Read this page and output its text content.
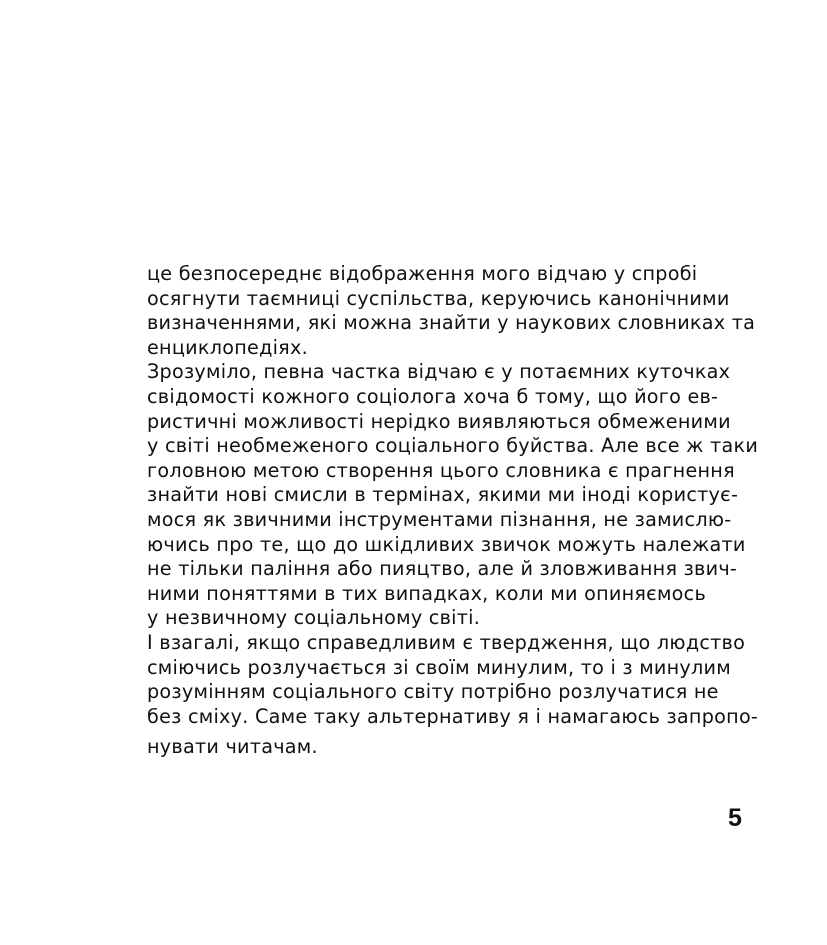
це безпосереднє відображення мого відчаю у спробі
осягнути таємниці суспільства, керуючись канонічними
визначеннями, які можна знайти у наукових словниках та
енциклопедіях.
Зрозуміло, певна частка відчаю є у потаємних куточках
свідомості кожного соціолога хоча б тому, що його ев-
ристичні можливості нерідко виявляються обмеженими
у світі необмеженого соціального буйства. Але все ж таки
головною метою створення цього словника є прагнення
знайти нові смисли в термінах, якими ми іноді користує-
мося як звичними інструментами пізнання, не замислю-
ючись про те, що до шкідливих звичок можуть належати
не тільки паління або пияцтво, але й зловживання звич-
ними поняттями в тих випадках, коли ми опиняємось
у незвичному соціальному світі.
І взагалі, якщо справедливим є твердження, що людство
сміючись розлучається зі своїм минулим, то і з минулим
розумінням соціального світу потрібно розлучатися не
без сміху. Саме таку альтернативу я і намагаюсь запропо-
нувати читачам.
5
